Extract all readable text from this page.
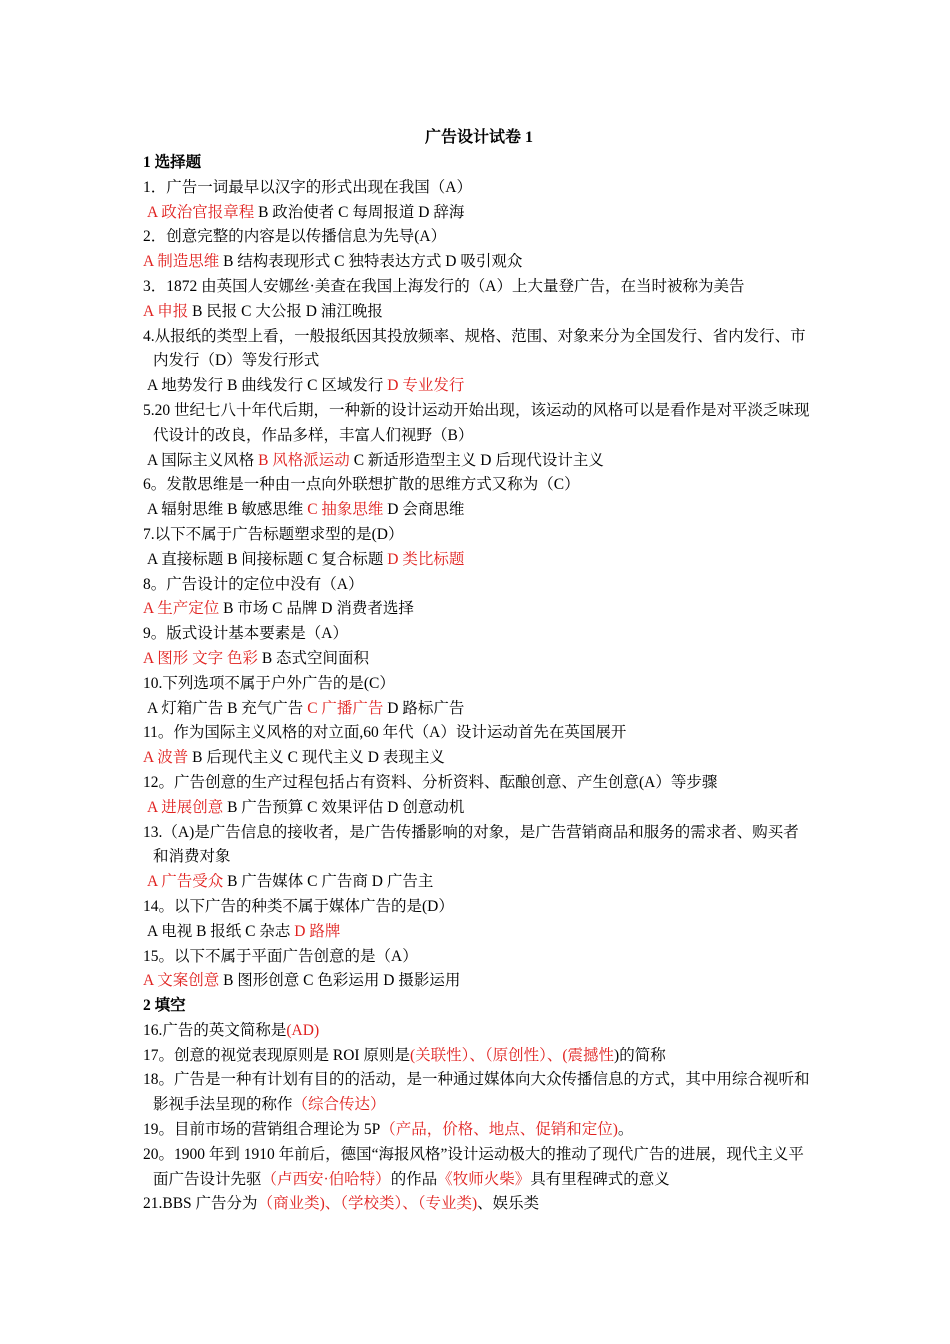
广告设计试卷 1
1 选择题
1．广告一词最早以汉字的形式出现在我国（A）
A 政治官报章程 B 政治使者 C 每周报道 D 辞海
2．创意完整的内容是以传播信息为先导(A）
A 制造思维 B 结构表现形式 C 独特表达方式 D 吸引观众
3．1872 由英国人安娜丝·美查在我国上海发行的（A）上大量登广告，在当时被称为美告
A 申报 B 民报 C 大公报 D 浦江晚报
4.从报纸的类型上看，一般报纸因其投放频率、规格、范围、对象来分为全国发行、省内发行、市内发行（D）等发行形式
A 地势发行 B 曲线发行 C 区域发行 D 专业发行
5.20 世纪七八十年代后期，一种新的设计运动开始出现，该运动的风格可以是看作是对平淡乏味现代设计的改良，作品多样，丰富人们视野（B）
A 国际主义风格 B 风格派运动 C 新适形造型主义 D 后现代设计主义
6。发散思维是一种由一点向外联想扩散的思维方式又称为（C）
A 辐射思维 B 敏感思维 C 抽象思维 D 会商思维
7.以下不属于广告标题塑求型的是(D）
A 直接标题 B 间接标题 C 复合标题 D 类比标题
8。广告设计的定位中没有（A）
A 生产定位 B 市场 C 品牌 D 消费者选择
9。版式设计基本要素是（A）
A 图形 文字 色彩 B 态式空间面积
10.下列选项不属于户外广告的是(C）
A 灯箱广告 B 充气广告 C 广播广告 D 路标广告
11。作为国际主义风格的对立面,60 年代（A）设计运动首先在英国展开
A 波普 B 后现代主义 C 现代主义 D 表现主义
12。广告创意的生产过程包括占有资料、分析资料、酝酿创意、产生创意(A）等步骤
A 进展创意 B 广告预算 C 效果评估 D 创意动机
13.（A)是广告信息的接收者，是广告传播影响的对象，是广告营销商品和服务的需求者、购买者和消费对象
A 广告受众 B 广告媒体 C 广告商 D 广告主
14。以下广告的种类不属于媒体广告的是(D）
A 电视 B 报纸 C 杂志 D 路牌
15。以下不属于平面广告创意的是（A）
A 文案创意 B 图形创意 C 色彩运用 D 摄影运用
2 填空
16.广告的英文简称是(AD)
17。创意的视觉表现原则是 ROI 原则是(关联性）、（原创性）、(震撼性)的简称
18。广告是一种有计划有目的的活动，是一种通过媒体向大众传播信息的方式，其中用综合视听和影视手法呈现的称作（综合传达）
19。目前市场的营销组合理论为 5P（产品，价格、地点、促销和定位)。
20。1900 年到 1910 年前后，德国“海报风格”设计运动极大的推动了现代广告的进展，现代主义平面广告设计先驱（卢西安·伯哈特）的作品《牧师火柴》具有里程碑式的意义
21.BBS 广告分为（商业类)、（学校类）、（专业类)、娱乐类
